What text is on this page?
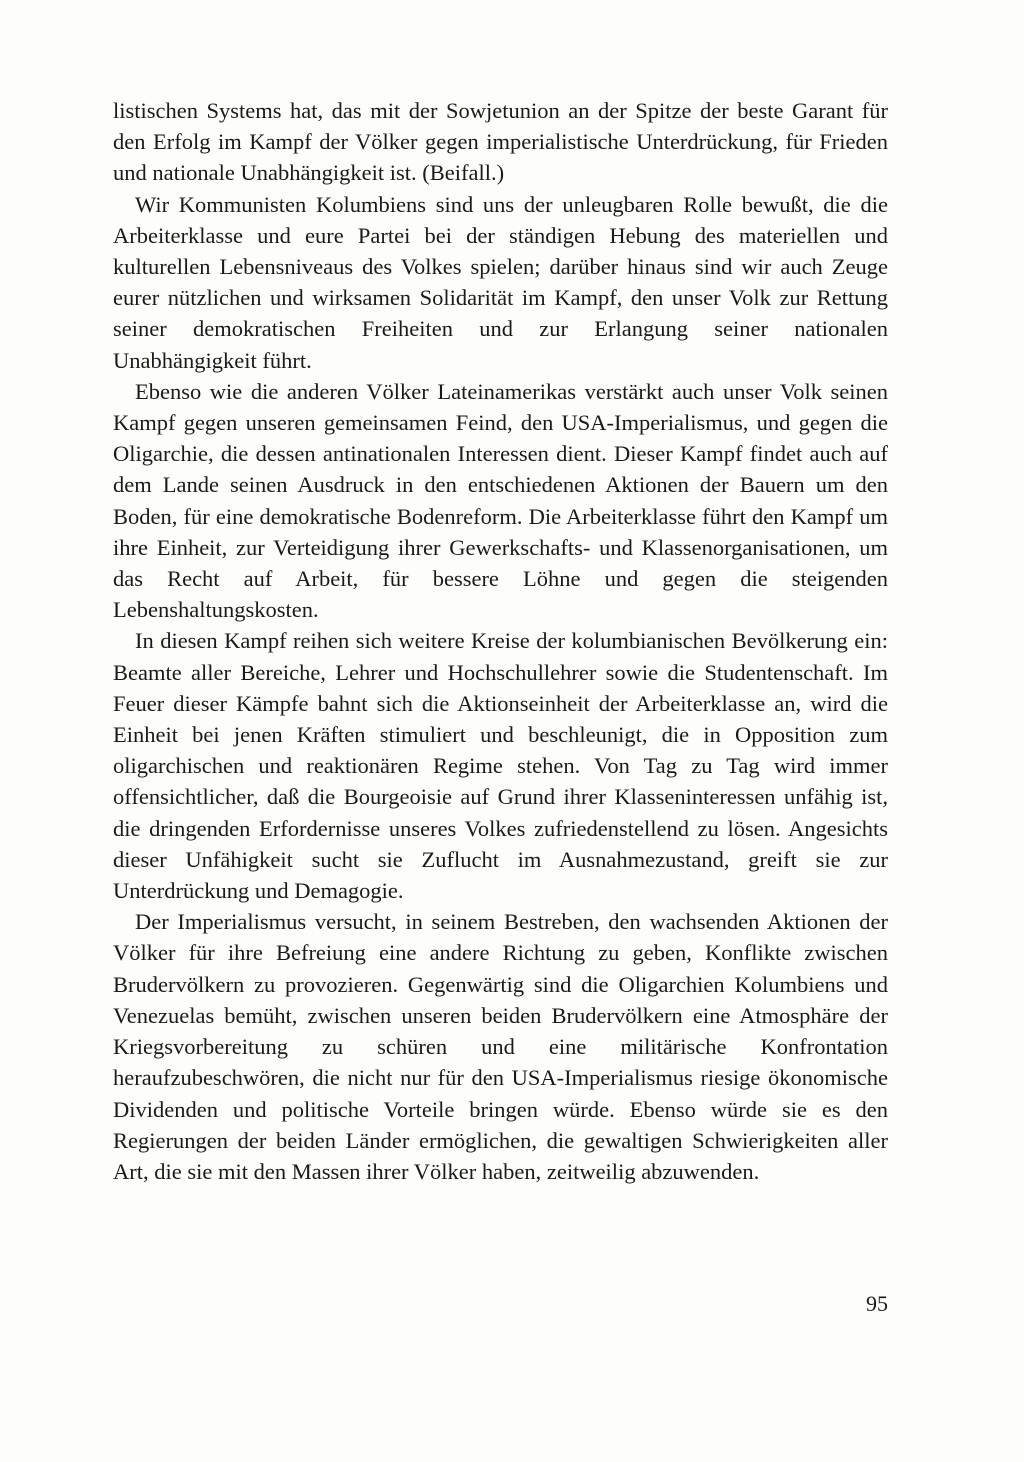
listischen Systems hat, das mit der Sowjetunion an der Spitze der beste Garant für den Erfolg im Kampf der Völker gegen imperialistische Unterdrückung, für Frieden und nationale Unabhängigkeit ist. (Beifall.)

Wir Kommunisten Kolumbiens sind uns der unleugbaren Rolle bewußt, die die Arbeiterklasse und eure Partei bei der ständigen Hebung des materiellen und kulturellen Lebensniveaus des Volkes spielen; darüber hinaus sind wir auch Zeuge eurer nützlichen und wirksamen Solidarität im Kampf, den unser Volk zur Rettung seiner demokratischen Freiheiten und zur Erlangung seiner nationalen Unabhängigkeit führt.

Ebenso wie die anderen Völker Lateinamerikas verstärkt auch unser Volk seinen Kampf gegen unseren gemeinsamen Feind, den USA-Imperialismus, und gegen die Oligarchie, die dessen antinationalen Interessen dient. Dieser Kampf findet auch auf dem Lande seinen Ausdruck in den entschiedenen Aktionen der Bauern um den Boden, für eine demokratische Bodenreform. Die Arbeiterklasse führt den Kampf um ihre Einheit, zur Verteidigung ihrer Gewerkschafts- und Klassenorganisationen, um das Recht auf Arbeit, für bessere Löhne und gegen die steigenden Lebenshaltungskosten.

In diesen Kampf reihen sich weitere Kreise der kolumbianischen Bevölkerung ein: Beamte aller Bereiche, Lehrer und Hochschullehrer sowie die Studentenschaft. Im Feuer dieser Kämpfe bahnt sich die Aktionseinheit der Arbeiterklasse an, wird die Einheit bei jenen Kräften stimuliert und beschleunigt, die in Opposition zum oligarchischen und reaktionären Regime stehen. Von Tag zu Tag wird immer offensichtlicher, daß die Bourgeoisie auf Grund ihrer Klasseninteressen unfähig ist, die dringenden Erfordernisse unseres Volkes zufriedenstellend zu lösen. Angesichts dieser Unfähigkeit sucht sie Zuflucht im Ausnahmezustand, greift sie zur Unterdrückung und Demagogie.

Der Imperialismus versucht, in seinem Bestreben, den wachsenden Aktionen der Völker für ihre Befreiung eine andere Richtung zu geben, Konflikte zwischen Brudervölkern zu provozieren. Gegenwärtig sind die Oligarchien Kolumbiens und Venezuelas bemüht, zwischen unseren beiden Brudervölkern eine Atmosphäre der Kriegsvorbereitung zu schüren und eine militärische Konfrontation heraufzubeschwören, die nicht nur für den USA-Imperialismus riesige ökonomische Dividenden und politische Vorteile bringen würde. Ebenso würde sie es den Regierungen der beiden Länder ermöglichen, die gewaltigen Schwierigkeiten aller Art, die sie mit den Massen ihrer Völker haben, zeitweilig abzuwenden.

95
